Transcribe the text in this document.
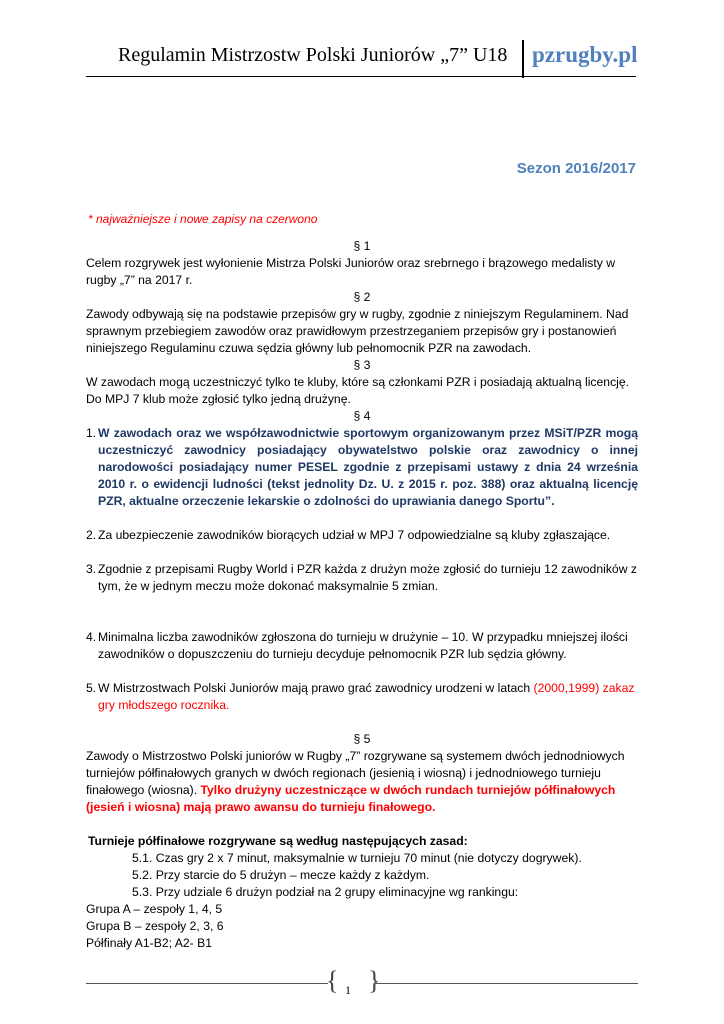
Regulamin Mistrzostw Polski Juniorów „7” U18 pzrugby.pl
Sezon 2016/2017
* najważniejsze i nowe zapisy na czerwono

§ 1

Celem rozgrywek jest wyłonienie Mistrza Polski Juniorów oraz srebrnego i brązowego medalisty w rugby „7” na 2017 r.

§ 2

Zawody odbywają się na podstawie przepisów gry w rugby, zgodnie z niniejszym Regulaminem. Nad sprawnym przebiegiem zawodów oraz prawidłowym przestrzeganiem przepisów gry i postanowień niniejszego Regulaminu czuwa sędzia główny lub pełnomocnik PZR na zawodach.

§ 3

W zawodach mogą uczestniczyć tylko te kluby, które są członkami PZR i posiadają aktualną licencję.

Do MPJ 7 klub może zgłosić tylko jedną drużynę.

§ 4

1. W zawodach oraz we współzawodnictwie sportowym organizowanym przez MSiT/PZR mogą uczestniczyć zawodnicy posiadający obywatelstwo polskie oraz zawodnicy o innej narodowości posiadający numer PESEL zgodnie z przepisami ustawy z dnia 24 września 2010 r. o ewidencji ludności (tekst jednolity Dz. U. z 2015 r. poz. 388) oraz aktualną licencję PZR, aktualne orzeczenie lekarskie o zdolności do uprawiania danego Sportu”.
2. Za ubezpieczenie zawodników biorących udział w MPJ 7 odpowiedzialne są kluby zgłaszające.
3. Zgodnie z przepisami Rugby World i PZR każda z drużyn może zgłosić do turnieju 12 zawodników z tym, że w jednym meczu może dokonać maksymalnie 5 zmian.
4. Minimalna liczba zawodników zgłoszona do turnieju w drużynie – 10. W przypadku mniejszej ilości zawodników o dopuszczeniu do turnieju decyduje pełnomocnik PZR lub sędzia główny.
5. W Mistrzostwach Polski Juniorów mają prawo grać zawodnicy urodzeni w latach (2000,1999) zakaz gry młodszego rocznika.

§ 5

Zawody o Mistrzostwo Polski juniorów w Rugby „7” rozgrywane są systemem dwóch jednodniowych turniejów półfinałowych granych w dwóch regionach (jesienią i wiosną) i jednodniowego turnieju finałowego (wiosna). Tylko drużyny uczestniczące w dwóch rundach turniejów półfinałowych (jesień i wiosna) mają prawo awansu do turnieju finałowego.

Turnieje półfinałowe rozgrywane są według następujących zasad:

5.1. Czas gry 2 x 7 minut, maksymalnie w turnieju 70 minut (nie dotyczy dogrywek).

5.2. Przy starcie do 5 drużyn – mecze każdy z każdym.

5.3. Przy udziale 6 drużyn podział na 2 grupy eliminacyjne wg rankingu:

Grupa A – zespoły 1, 4, 5

Grupa B – zespoły 2, 3, 6

Półfinały A1-B2; A2- B1

{ }
1
